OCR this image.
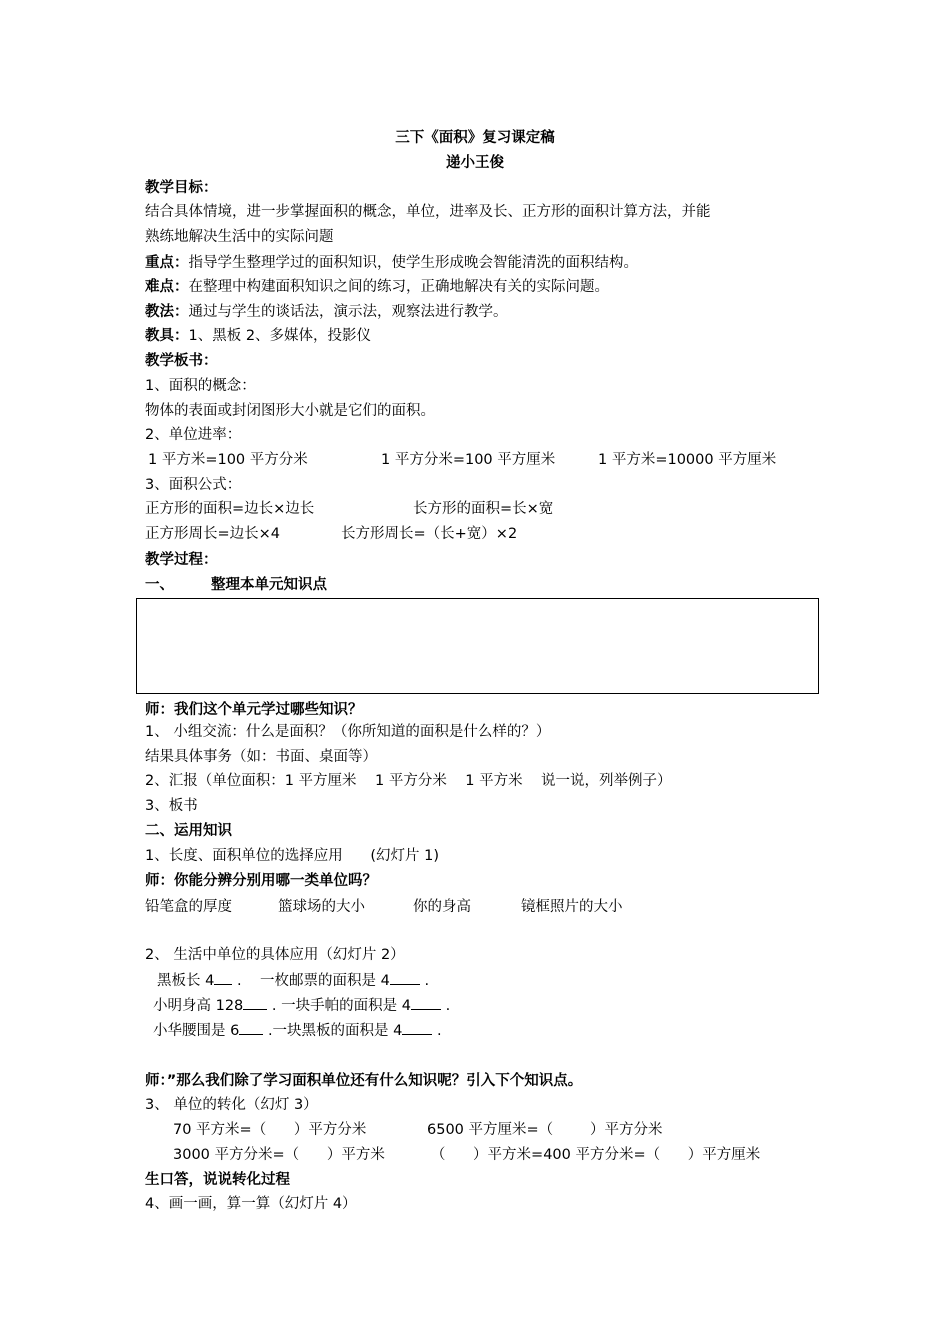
三下《面积》复习课定稿
递小王俊
教学目标：
结合具体情境，进一步掌握面积的概念，单位，进率及长、正方形的面积计算方法，并能
熟练地解决生活中的实际问题
重点：指导学生整理学过的面积知识，使学生形成晚会智能清洗的面积结构。
难点：在整理中构建面积知识之间的练习，正确地解决有关的实际问题。
教法：通过与学生的谈话法，演示法，观察法进行教学。
教具：1、黑板 2、多媒体，投影仪
教学板书：
1、面积的概念：
物体的表面或封闭图形大小就是它们的面积。
2、单位进率：
1 平方米=100 平方分米	1 平方分米=100 平方厘米	1 平方米=10000 平方厘米
3、面积公式：
正方形的面积=边长×边长	长方形的面积=长×宽
正方形周长=边长×4	长方形周长=（长+宽）×2
教学过程：
一、	整理本单元知识点
师：我们这个单元学过哪些知识？
1、 小组交流：什么是面积？（你所知道的面积是什么样的？）
结果具体事务（如：书面、桌面等）
2、汇报（单位面积：1 平方厘米    1 平方分米    1 平方米    说一说，列举例子）
3、板书
二、运用知识
1、长度、面积单位的选择应用      (幻灯片 1)
师：你能分辨分别用哪一类单位吗？
铅笔盒的厚度	篮球场的大小	你的身高	镜框照片的大小
2、 生活中单位的具体应用（幻灯片 2）
黑板长 4 .    一枚邮票的面积是 4 .
小明身高 128 . 一块手帕的面积是 4 .
小华腰围是 6 .一块黑板的面积是 4 .
师：”那么我们除了学习面积单位还有什么知识呢？引入下个知识点。
3、 单位的转化（幻灯 3）
70 平方米=（      ）平方分米	6500 平方厘米=（        ）平方分米
3000 平方分米=（      ）平方米          （      ）平方米=400 平方分米=（      ）平方厘米
生口答，说说转化过程
4、画一画，算一算（幻灯片 4）
